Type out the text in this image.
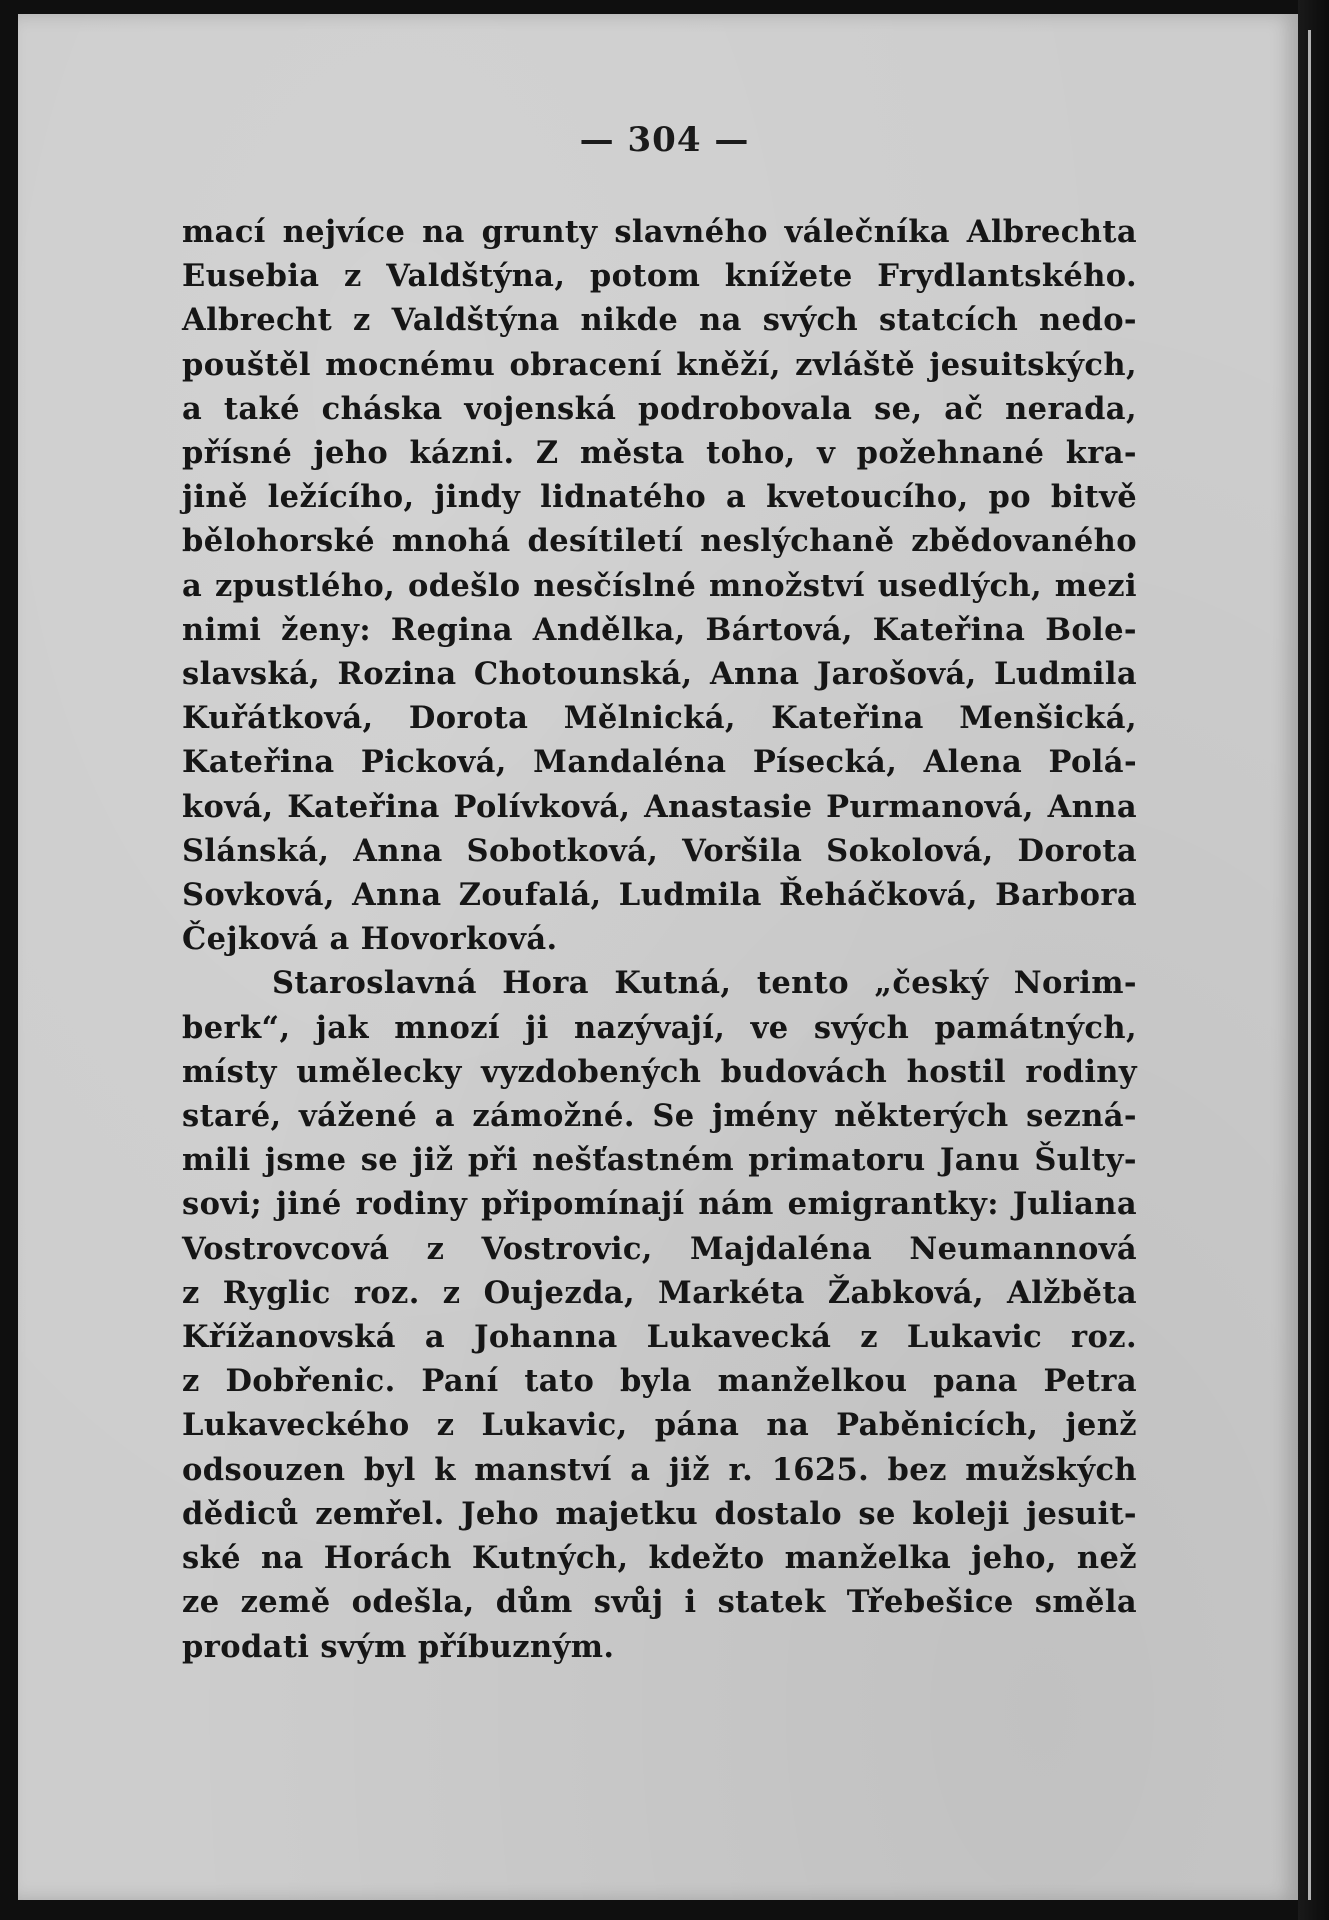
— 304 —
mací nejvíce na grunty slavného válečníka Albrechta
Eusebia z Valdštýna, potom knížete Frydlantského.
Albrecht z Valdštýna nikde na svých statcích nedo-
pouštěl mocnému obracení kněží, zvláště jesuitských,
a také cháska vojenská podrobovala se, ač nerada,
přísné jeho kázni. Z města toho, v požehnané kra-
jině ležícího, jindy lidnatého a kvetoucího, po bitvě
bělohorské mnohá desítiletí neslýchaně zbědovaného
a zpustlého, odešlo nesčíslné množství usedlých, mezi
nimi ženy: Regina Andělka, Bártová, Kateřina Bole-
slavská, Rozina Chotounská, Anna Jarošová, Ludmila
Kuřátková, Dorota Mělnická, Kateřina Menšická,
Kateřina Picková, Mandaléna Písecká, Alena Polá-
ková, Kateřina Polívková, Anastasie Purmanová, Anna
Slánská, Anna Sobotková, Voršila Sokolová, Dorota
Sovková, Anna Zoufalá, Ludmila Řeháčková, Barbora
Čejková a Hovorková.
Staroslavná Hora Kutná, tento „český Norim-
berk“, jak mnozí ji nazývají, ve svých památných,
místy umělecky vyzdobených budovách hostil rodiny
staré, vážené a zámožné. Se jmény některých sezná-
mili jsme se již při nešťastném primatoru Janu Šulty-
sovi; jiné rodiny připomínají nám emigrantky: Juliana
Vostrovcová z Vostrovic, Majdaléna Neumannová
z Ryglic roz. z Oujezda, Markéta Žabková, Alžběta
Křížanovská a Johanna Lukavecká z Lukavic roz.
z Dobřenic. Paní tato byla manželkou pana Petra
Lukaveckého z Lukavic, pána na Paběnicích, jenž
odsouzen byl k manství a již r. 1625. bez mužských
dědiců zemřel. Jeho majetku dostalo se koleji jesuit-
ské na Horách Kutných, kdežto manželka jeho, než
ze země odešla, dům svůj i statek Třebešice směla
prodati svým příbuzným.
